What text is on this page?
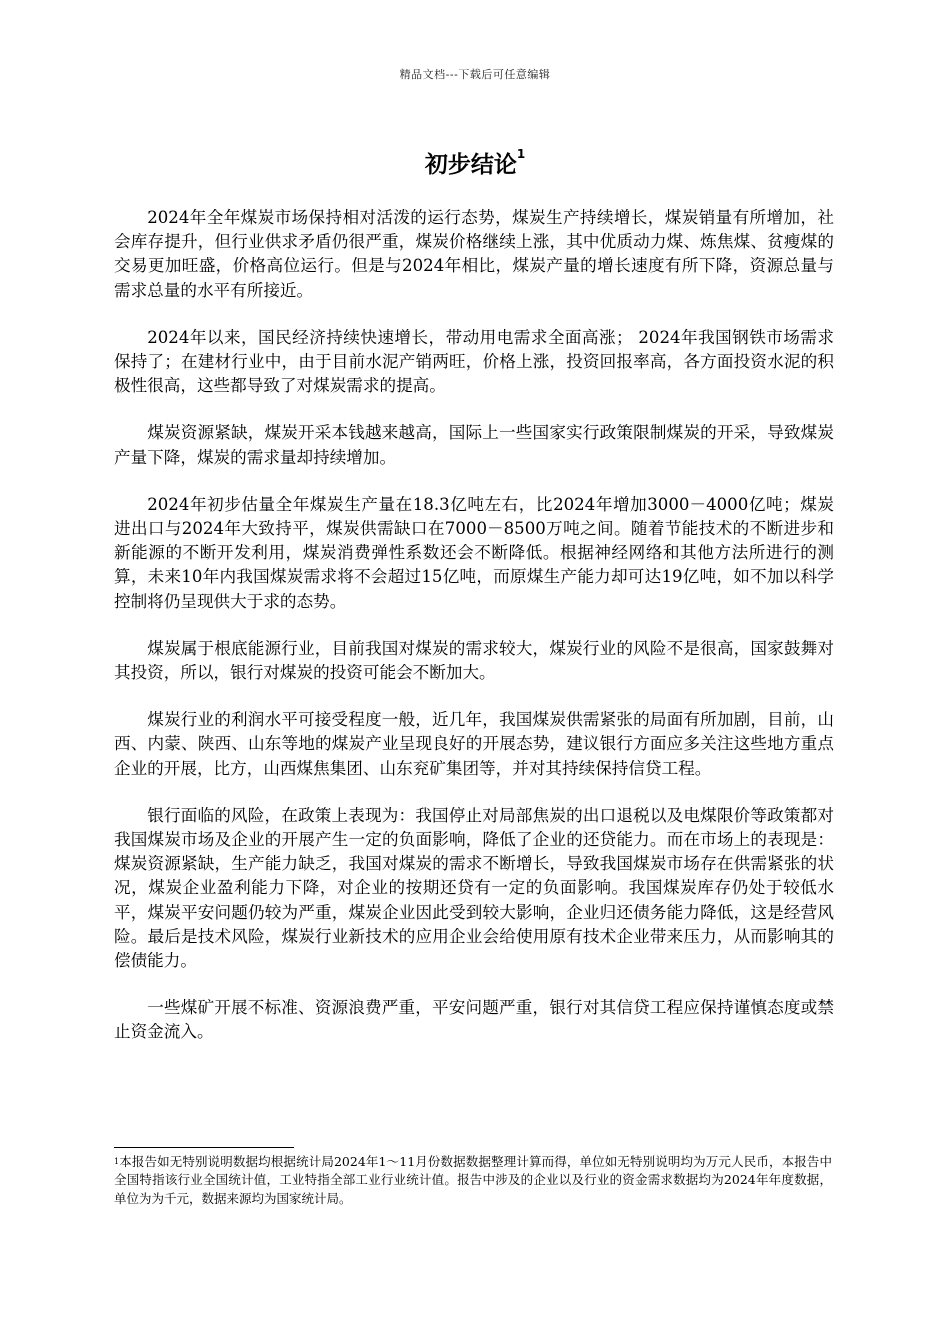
精品文档---下载后可任意编辑
初步结论$^1$

2024年全年煤炭市场保持相对活泼的运行态势，煤炭生产持续增长，煤炭销量有所增加，社会库存提升，但行业供求矛盾仍很严重，煤炭价格继续上涨，其中优质动力煤、炼焦煤、贫瘦煤的交易更加旺盛，价格高位运行。但是与2024年相比，煤炭产量的增长速度有所下降，资源总量与需求总量的水平有所接近。

2024年以来，国民经济持续快速增长，带动用电需求全面高涨； 2024年我国钢铁市场需求保持了；在建材行业中，由于目前水泥产销两旺，价格上涨，投资回报率高，各方面投资水泥的积极性很高，这些都导致了对煤炭需求的提高。

煤炭资源紧缺，煤炭开采本钱越来越高，国际上一些国家实行政策限制煤炭的开采，导致煤炭产量下降，煤炭的需求量却持续增加。

2024年初步估量全年煤炭生产量在18.3亿吨左右，比2024年增加3000－4000亿吨；煤炭进出口与2024年大致持平，煤炭供需缺口在7000－8500万吨之间。随着节能技术的不断进步和新能源的不断开发利用，煤炭消费弹性系数还会不断降低。根据神经网络和其他方法所进行的测算，未来10年内我国煤炭需求将不会超过15亿吨，而原煤生产能力却可达19亿吨，如不加以科学控制将仍呈现供大于求的态势。

煤炭属于根底能源行业，目前我国对煤炭的需求较大，煤炭行业的风险不是很高，国家鼓舞对其投资，所以，银行对煤炭的投资可能会不断加大。

煤炭行业的利润水平可接受程度一般，近几年，我国煤炭供需紧张的局面有所加剧，目前，山西、内蒙、陕西、山东等地的煤炭产业呈现良好的开展态势，建议银行方面应多关注这些地方重点企业的开展，比方，山西煤焦集团、山东兖矿集团等，并对其持续保持信贷工程。

银行面临的风险，在政策上表现为：我国停止对局部焦炭的出口退税以及电煤限价等政策都对我国煤炭市场及企业的开展产生一定的负面影响，降低了企业的还贷能力。而在市场上的表现是：煤炭资源紧缺，生产能力缺乏，我国对煤炭的需求不断增长，导致我国煤炭市场存在供需紧张的状况，煤炭企业盈利能力下降，对企业的按期还贷有一定的负面影响。我国煤炭库存仍处于较低水平，煤炭平安问题仍较为严重，煤炭企业因此受到较大影响，企业归还债务能力降低，这是经营风险。最后是技术风险，煤炭行业新技术的应用企业会给使用原有技术企业带来压力，从而影响其的偿债能力。

一些煤矿开展不标准、资源浪费严重，平安问题严重，银行对其信贷工程应保持谨慎态度或禁止资金流入。

$^1$本报告如无特别说明数据均根据统计局2024年1～11月份数据数据整理计算而得，单位如无特别说明均为万元人民币，本报告中全国特指该行业全国统计值，工业特指全部工业行业统计值。报告中涉及的企业以及行业的资金需求数据均为2024年年度数据，单位为为千元，数据来源均为国家统计局。
